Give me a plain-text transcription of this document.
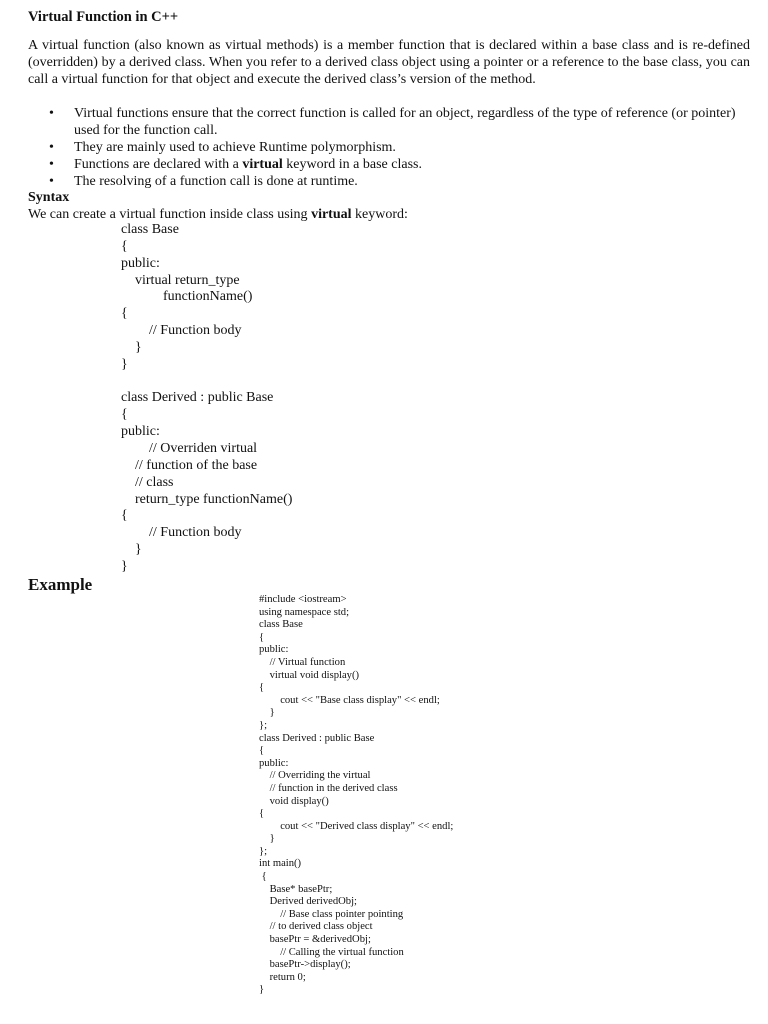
Virtual Function in C++

A virtual function (also known as virtual methods) is a member function that is declared within a base class and is re-defined (overridden) by a derived class. When you refer to a derived class object using a pointer or a reference to the base class, you can call a virtual function for that object and execute the derived class’s version of the method.

• Virtual functions ensure that the correct function is called for an object, regardless of the type of reference (or pointer) used for the function call.
• They are mainly used to achieve Runtime polymorphism.
• Functions are declared with a virtual keyword in a base class.
• The resolving of a function call is done at runtime.
Syntax
We can create a virtual function inside class using virtual keyword:
class Base
{
public:
virtual return_type
functionName()
{
// Function body
}
}

class Derived : public Base
{
public:
// Overriden virtual
// function of the base
// class
return_type functionName()
{
// Function body
}
}
Example
#include <iostream>
using namespace std;
class Base
{
public:
// Virtual function
virtual void display()
{
cout << "Base class display" << endl;
}
};
class Derived : public Base
{
public:
// Overriding the virtual
// function in the derived class
void display()
{
cout << "Derived class display" << endl;
}
};
int main()
{
Base* basePtr;
Derived derivedObj;
// Base class pointer pointing
// to derived class object
basePtr = &derivedObj;
// Calling the virtual function
basePtr->display();
return 0;
}
